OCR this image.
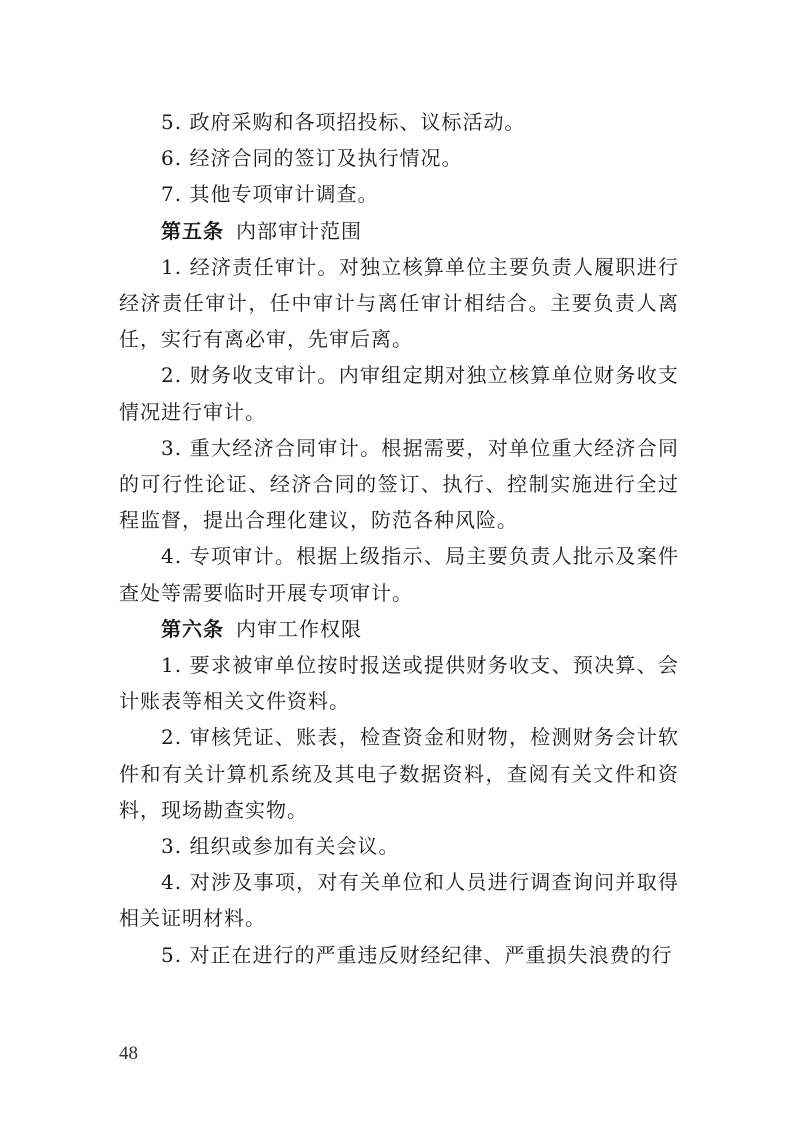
5. 政府采购和各项招投标、议标活动。

6. 经济合同的签订及执行情况。

7. 其他专项审计调查。

第五条 内部审计范围

1. 经济责任审计。对独立核算单位主要负责人履职进行经济责任审计，任中审计与离任审计相结合。主要负责人离任，实行有离必审，先审后离。

2. 财务收支审计。内审组定期对独立核算单位财务收支情况进行审计。

3. 重大经济合同审计。根据需要，对单位重大经济合同的可行性论证、经济合同的签订、执行、控制实施进行全过程监督，提出合理化建议，防范各种风险。

4. 专项审计。根据上级指示、局主要负责人批示及案件查处等需要临时开展专项审计。

第六条 内审工作权限

1. 要求被审单位按时报送或提供财务收支、预决算、会计账表等相关文件资料。

2. 审核凭证、账表，检查资金和财物，检测财务会计软件和有关计算机系统及其电子数据资料，查阅有关文件和资料，现场勘查实物。

3. 组织或参加有关会议。

4. 对涉及事项，对有关单位和人员进行调查询问并取得相关证明材料。

5. 对正在进行的严重违反财经纪律、严重损失浪费的行

48
